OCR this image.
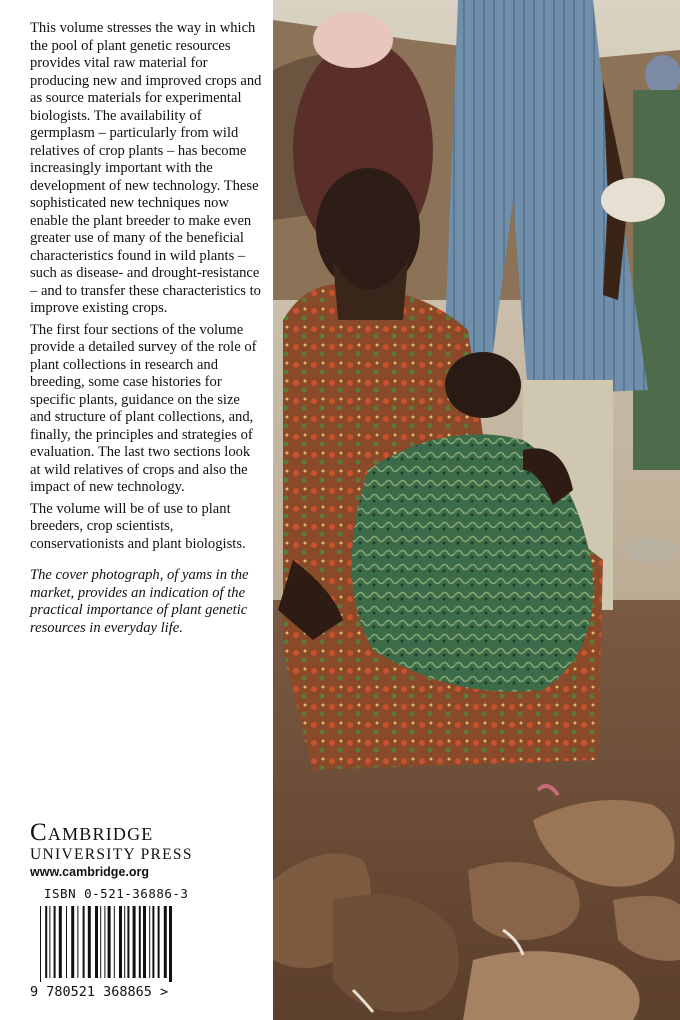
This volume stresses the way in which the pool of plant genetic resources provides vital raw material for producing new and improved crops and as source materials for experimental biologists. The availability of germplasm – particularly from wild relatives of crop plants – has become increasingly important with the development of new technology. These sophisticated new techniques now enable the plant breeder to make even greater use of many of the beneficial characteristics found in wild plants – such as disease- and drought-resistance – and to transfer these characteristics to improve existing crops.

The first four sections of the volume provide a detailed survey of the role of plant collections in research and breeding, some case histories for specific plants, guidance on the size and structure of plant collections, and, finally, the principles and strategies of evaluation. The last two sections look at wild relatives of crops and also the impact of new technology.

The volume will be of use to plant breeders, crop scientists, conservationists and plant biologists.

The cover photograph, of yams in the market, provides an indication of the practical importance of plant genetic resources in everyday life.

Cambridge
UNIVERSITY PRESS
www.cambridge.org
ISBN 0-521-36886-3
9 780521 368865 >
